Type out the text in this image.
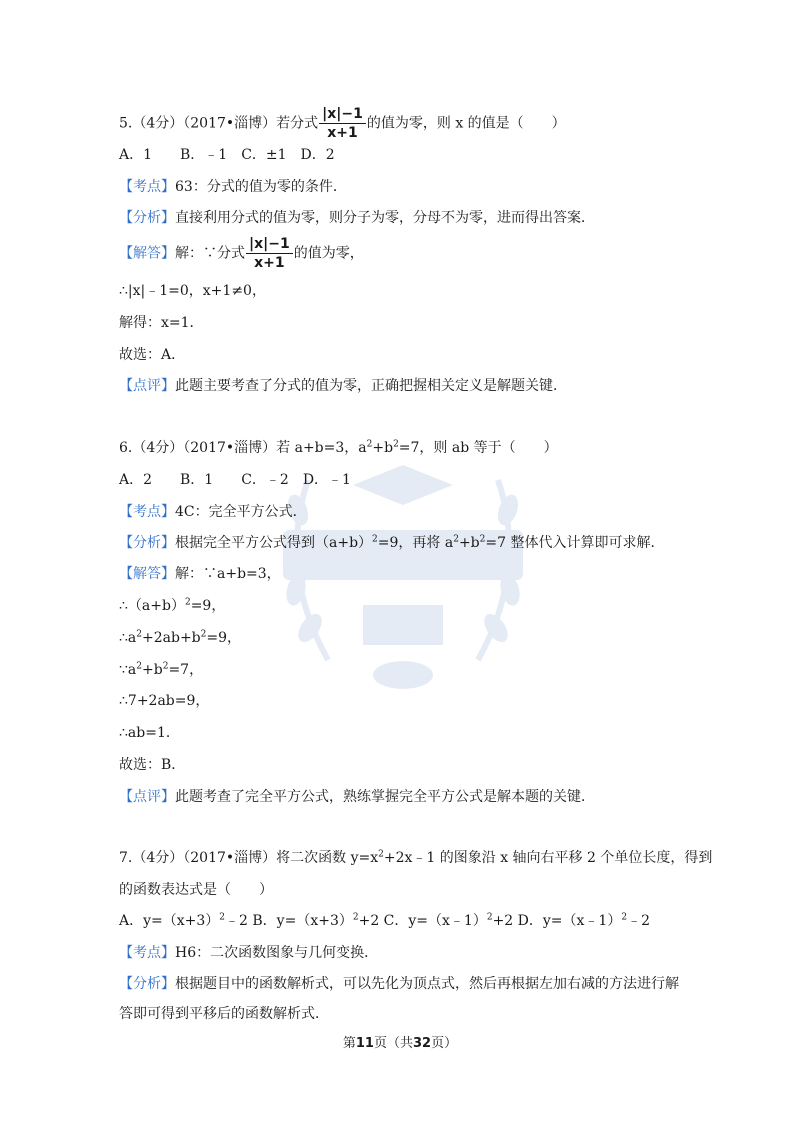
5.（4分）（2017•淄博）若分式 $\frac{|x|-1}{x+1}$ 的值为零，则 x 的值是（　　）
A．1　　B．﹣1　C．±1　D．2
【考点】63：分式的值为零的条件．
【分析】直接利用分式的值为零，则分子为零，分母不为零，进而得出答案．
【解答】解：∵分式 $\frac{|x|-1}{x+1}$ 的值为零，
∴|x|﹣1=0，x+1≠0，
解得：x=1．
故选：A．
【点评】此题主要考查了分式的值为零，正确把握相关定义是解题关键．
6.（4分）（2017•淄博）若 a+b=3，$a^2+b^2=7$，则 ab 等于（　　）
A．2　　B．1　　C．﹣2　D．﹣1
【考点】4C：完全平方公式．
【分析】根据完全平方公式得到$(a+b)^2=9$，再将 $a^2+b^2=7$ 整体代入计算即可求解．
【解答】解：∵a+b=3，
$\therefore(a+b)^2=9$，
$\therefore a^2+2ab+b^2=9$，
$\because a^2+b^2=7$，
∴7+2ab=9，
∴ab=1．
故选：B．
【点评】此题考查了完全平方公式，熟练掌握完全平方公式是解本题的关键．
7.（4分）（2017•淄博）将二次函数 $y=x^2+2x﹣1$ 的图象沿 x 轴向右平移 2 个单位长度，得到
的函数表达式是（　　）
A．$y=(x+3)^2﹣2$ B．$y=(x+3)^2+2$ C．y=（x﹣1）$^2$+2 D．y=（x﹣1）$^2$﹣2
【考点】H6：二次函数图象与几何变换．
【分析】根据题目中的函数解析式，可以先化为顶点式，然后再根据左加右减的方法进行解
答即可得到平移后的函数解析式．
第11页（共32页）
